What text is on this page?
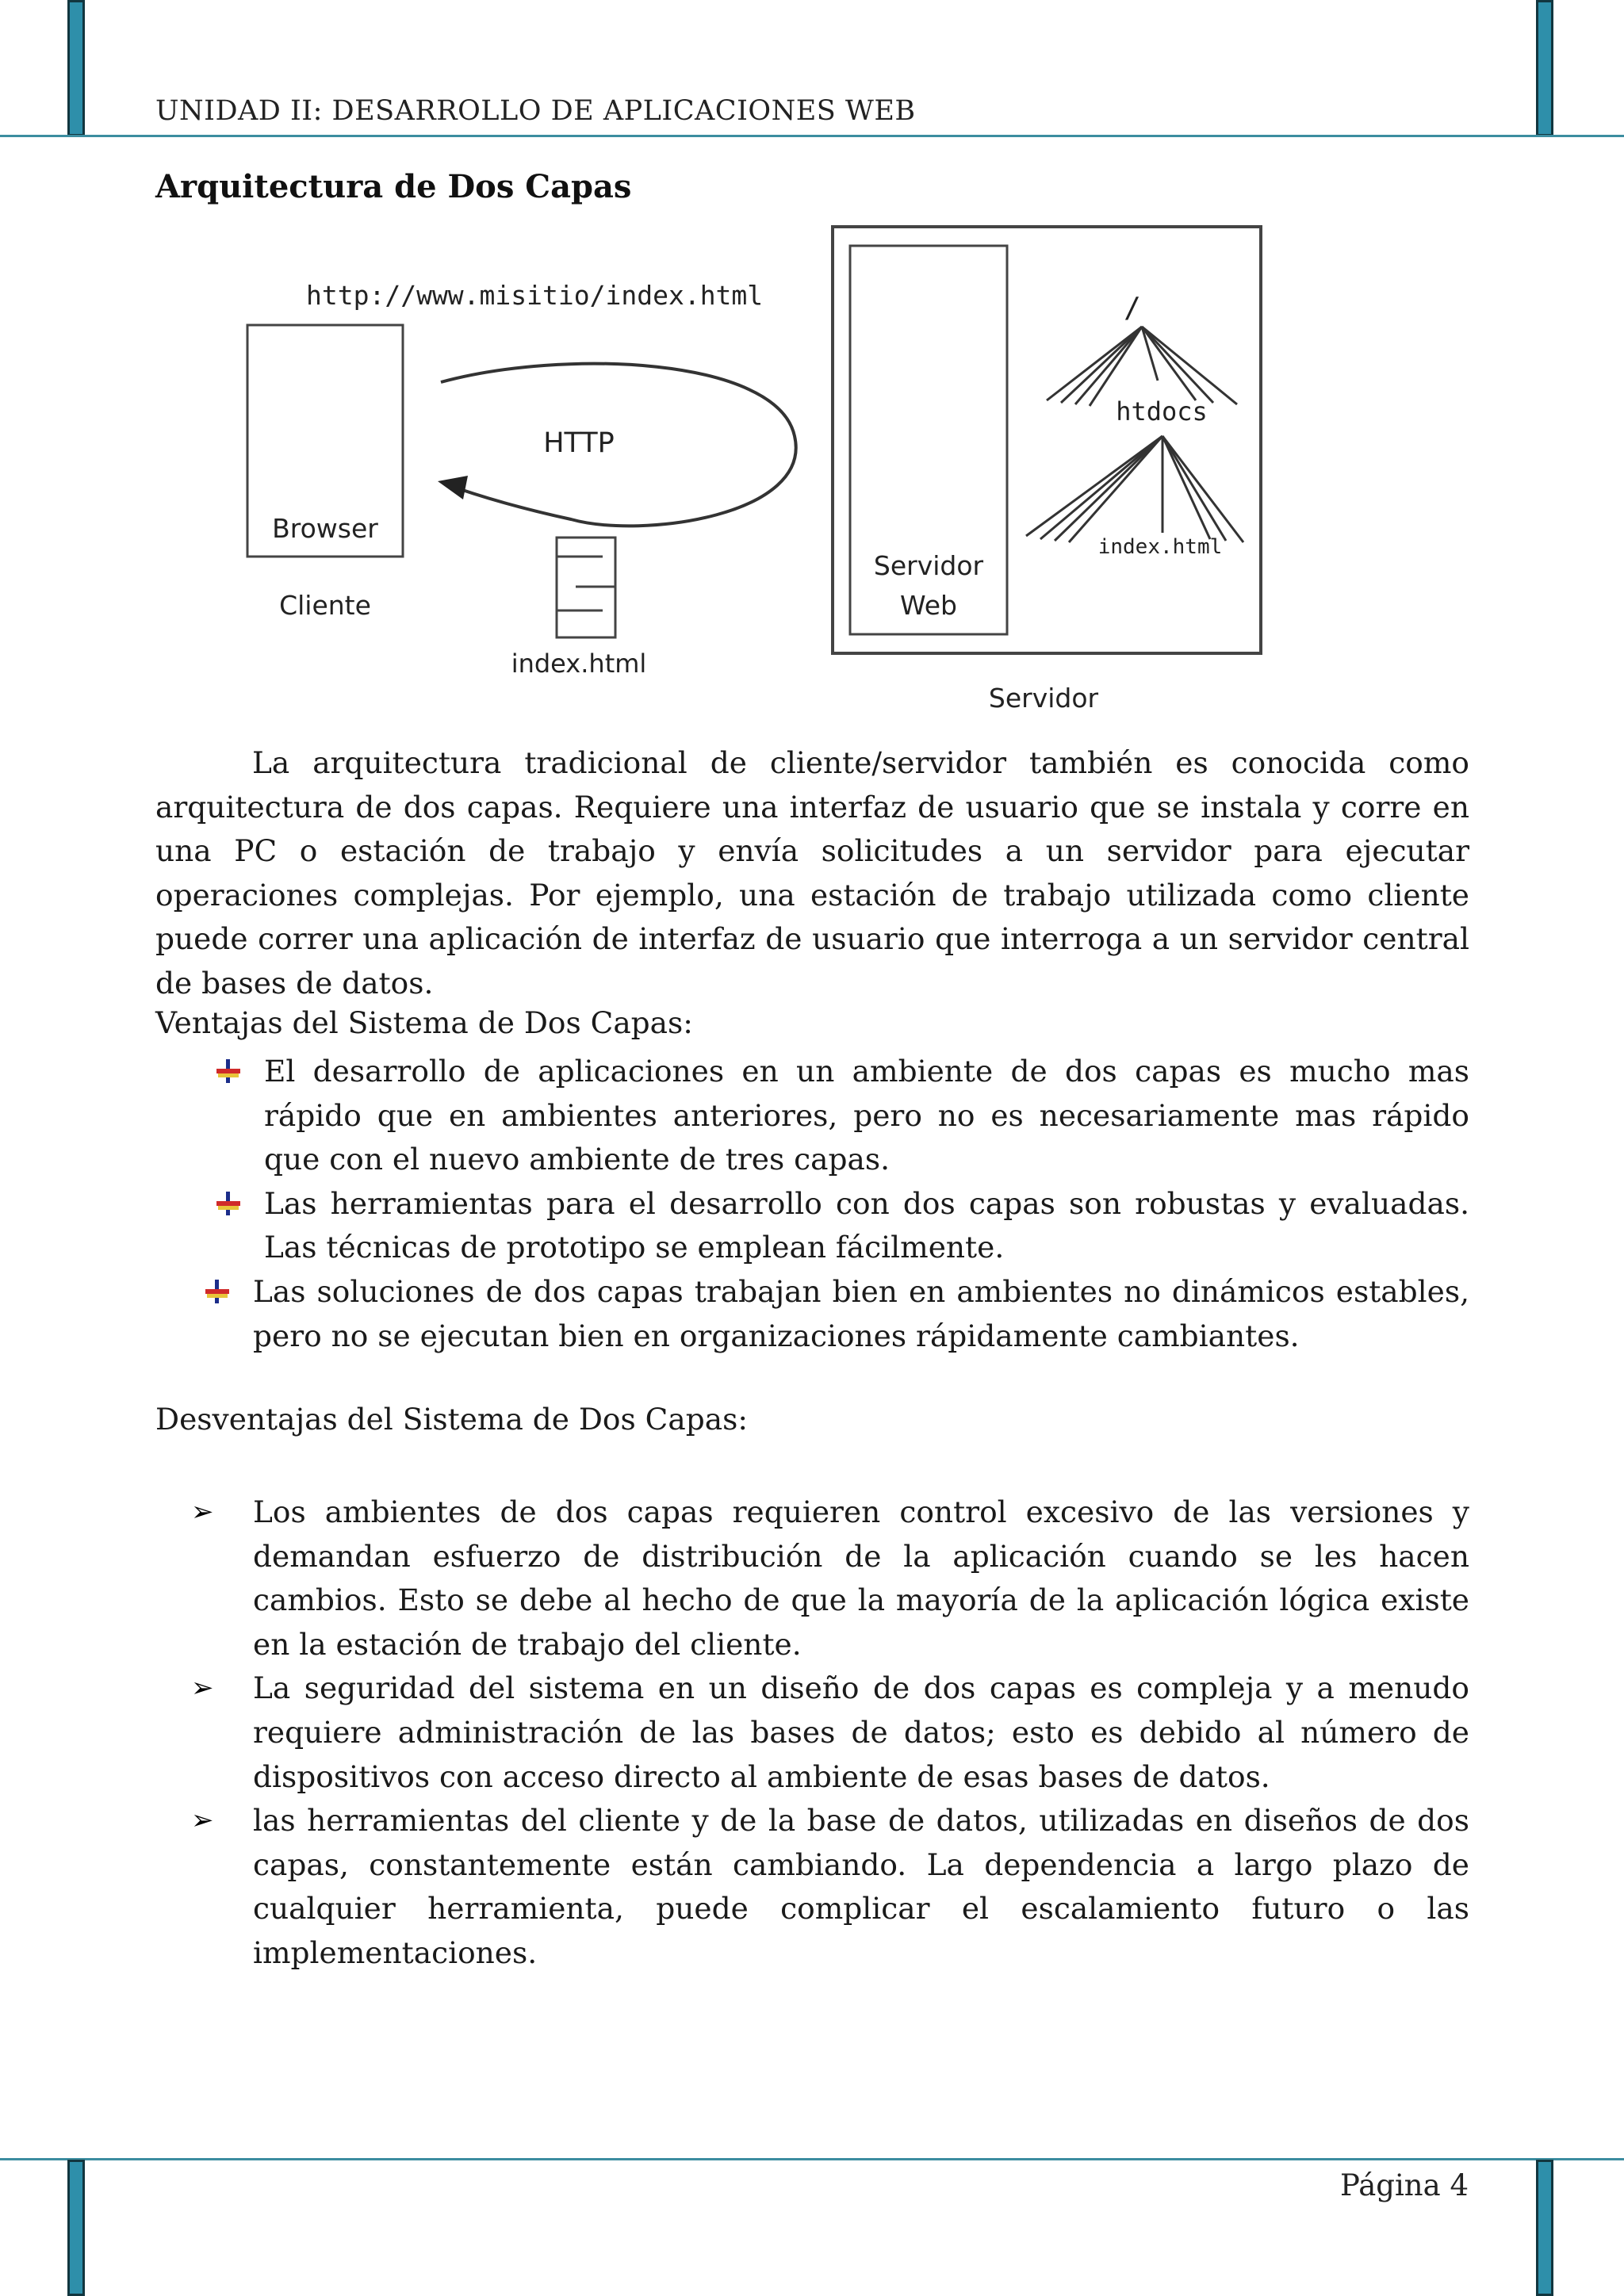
UNIDAD II: DESARROLLO DE APLICACIONES WEB
Arquitectura de Dos Capas
Browser
Cliente
http://www.misitio/index.html
HTTP
index.html
Servidor
Web
/
htdocs
index.html
Servidor

La arquitectura tradicional de cliente/servidor también es conocida como arquitectura de dos capas. Requiere una interfaz de usuario que se instala y corre en una PC o estación de trabajo y envía solicitudes a un servidor para ejecutar operaciones complejas. Por ejemplo, una estación de trabajo utilizada como cliente puede correr una aplicación de interfaz de usuario que interroga a un servidor central de bases de datos.

Ventajas del Sistema de Dos Capas:

El desarrollo de aplicaciones en un ambiente de dos capas es mucho mas rápido que en ambientes anteriores, pero no es necesariamente mas rápido que con el nuevo ambiente de tres capas.
Las herramientas para el desarrollo con dos capas son robustas y evaluadas. Las técnicas de prototipo se emplean fácilmente.
Las soluciones de dos capas trabajan bien en ambientes no dinámicos estables, pero no se ejecutan bien en organizaciones rápidamente cambiantes.

Desventajas del Sistema de Dos Capas:

➢ Los ambientes de dos capas requieren control excesivo de las versiones y demandan esfuerzo de distribución de la aplicación cuando se les hacen cambios. Esto se debe al hecho de que la mayoría de la aplicación lógica existe en la estación de trabajo del cliente.
➢ La seguridad del sistema en un diseño de dos capas es compleja y a menudo requiere administración de las bases de datos; esto es debido al número de dispositivos con acceso directo al ambiente de esas bases de datos.
➢ las herramientas del cliente y de la base de datos, utilizadas en diseños de dos capas, constantemente están cambiando. La dependencia a largo plazo de cualquier herramienta, puede complicar el escalamiento futuro o las implementaciones.
Página 4
